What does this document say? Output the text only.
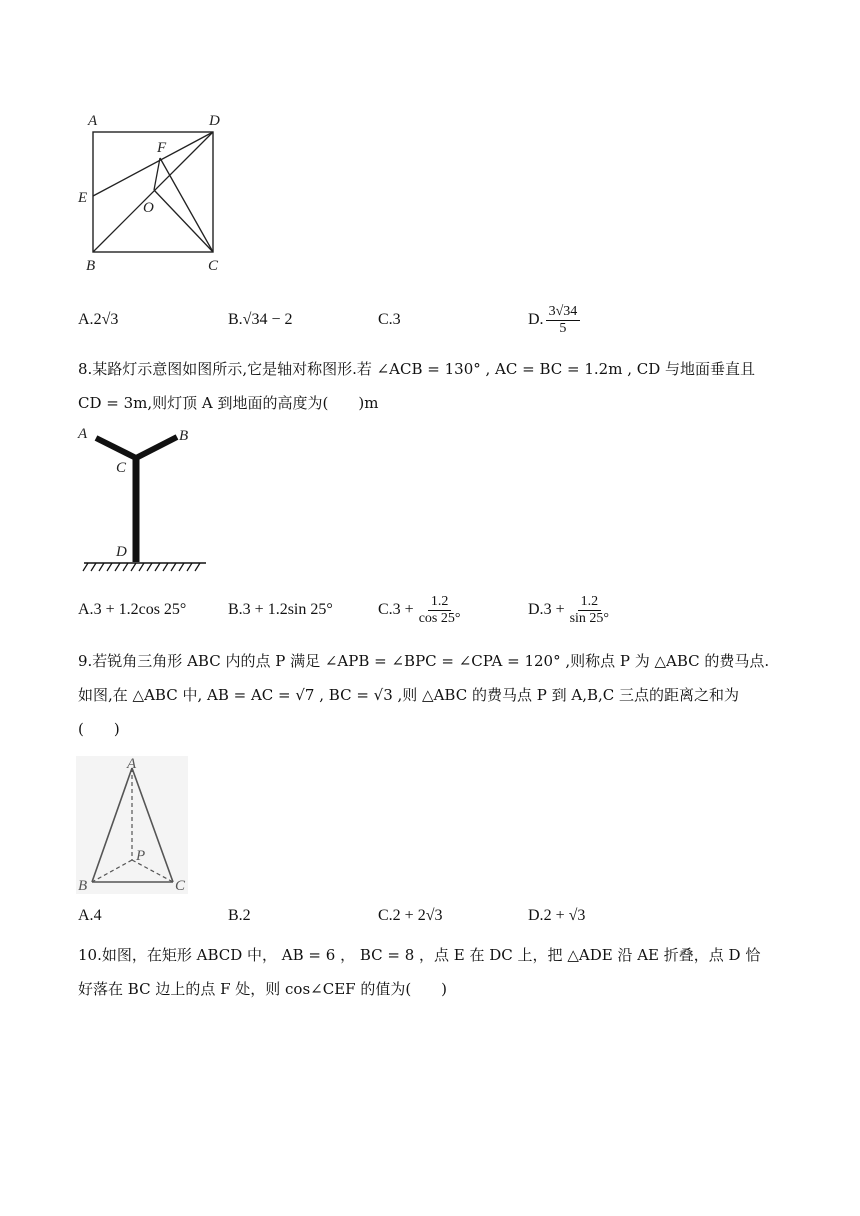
A	D
F
E
O
B	C
A. 2√3	B. √34 − 2	C. 3	D. $\frac{3√34}{5}$
8.某路灯示意图如图所示,它是轴对称图形.若 ∠ACB = 130° , AC = BC = 1.2m , CD 与地面垂直且
CD = 3m,则灯顶 A 到地面的高度为(　　)m
A	B
C
D
A. 3 + 1.2cos 25°	B. 3 + 1.2sin 25°	C. $3 + \frac{1.2}{\cos 25^\circ}$	D. $3 + \frac{1.2}{\sin 25^\circ}$
9.若锐角三角形 ABC 内的点 P 满足 ∠APB = ∠BPC = ∠CPA = 120° ,则称点 P 为 △ABC 的费马点.
如图,在 △ABC 中, AB = AC = √7 , BC = √3 ,则 △ABC 的费马点 P 到 A,B,C 三点的距离之和为
(　　)
A
P
B	C
A. 4	B. 2	C. 2 + 2√3	D. 2 + √3
10.如图，在矩形 ABCD 中， AB = 6 ， BC = 8 ，点 E 在 DC 上，把 △ADE 沿 AE 折叠，点 D 恰
好落在 BC 边上的点 F 处，则 cos∠CEF 的值为(　　)
